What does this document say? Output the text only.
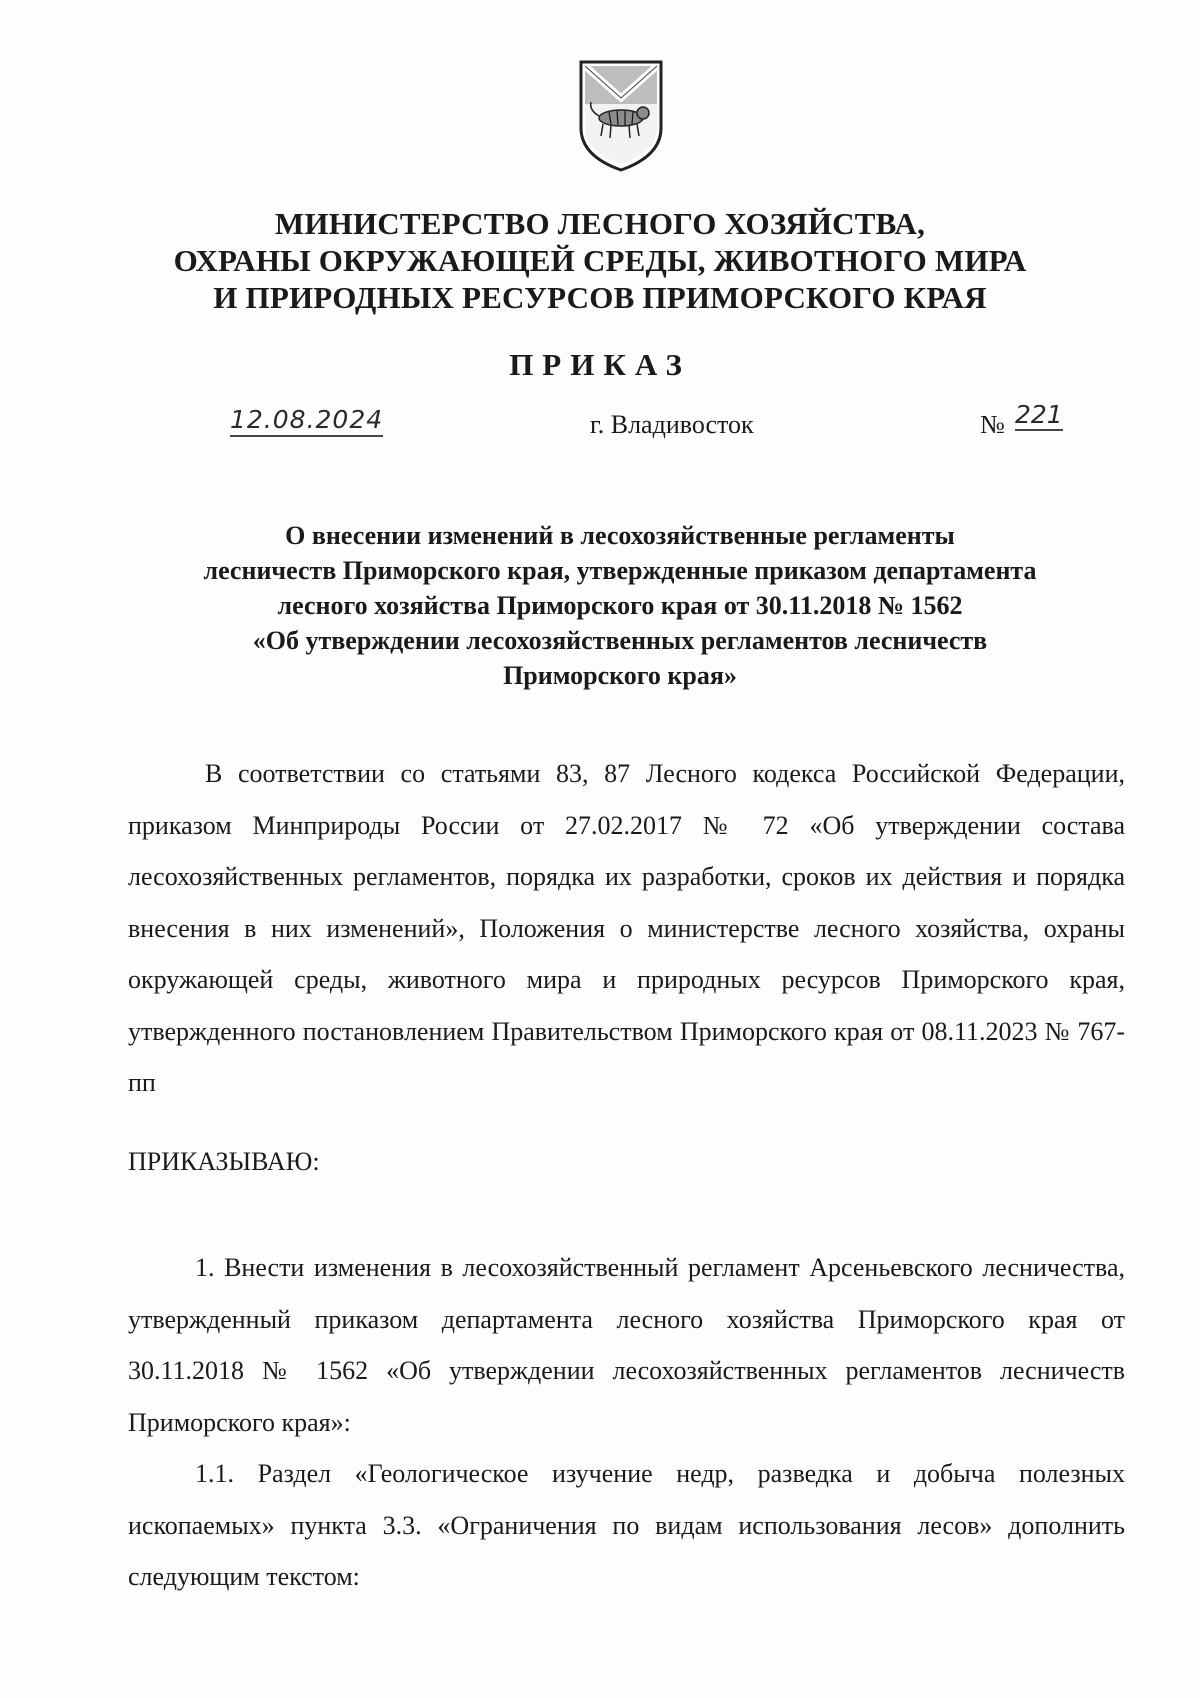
МИНИСТЕРСТВО ЛЕСНОГО ХОЗЯЙСТВА,
ОХРАНЫ ОКРУЖАЮЩЕЙ СРЕДЫ, ЖИВОТНОГО МИРА
И ПРИРОДНЫХ РЕСУРСОВ ПРИМОРСКОГО КРАЯ
ПРИКАЗ
12.08.2024	г. Владивосток	№ 221
О внесении изменений в лесохозяйственные регламенты
лесничеств Приморского края, утвержденные приказом департамента
лесного хозяйства Приморского края от 30.11.2018 № 1562
«Об утверждении лесохозяйственных регламентов лесничеств
Приморского края»

В соответствии со статьями 83, 87 Лесного кодекса Российской Федерации, приказом Минприроды России от 27.02.2017 № 72 «Об утверждении состава лесохозяйственных регламентов, порядка их разработки, сроков их действия и порядка внесения в них изменений», Положения о министерстве лесного хозяйства, охраны окружающей среды, животного мира и природных ресурсов Приморского края, утвержденного постановлением Правительством Приморского края от 08.11.2023 № 767-пп

ПРИКАЗЫВАЮ:

1. Внести изменения в лесохозяйственный регламент Арсеньевского лесничества, утвержденный приказом департамента лесного хозяйства Приморского края от 30.11.2018 № 1562 «Об утверждении лесохозяйственных регламентов лесничеств Приморского края»:

1.1. Раздел «Геологическое изучение недр, разведка и добыча полезных ископаемых» пункта 3.3. «Ограничения по видам использования лесов» дополнить следующим текстом:
